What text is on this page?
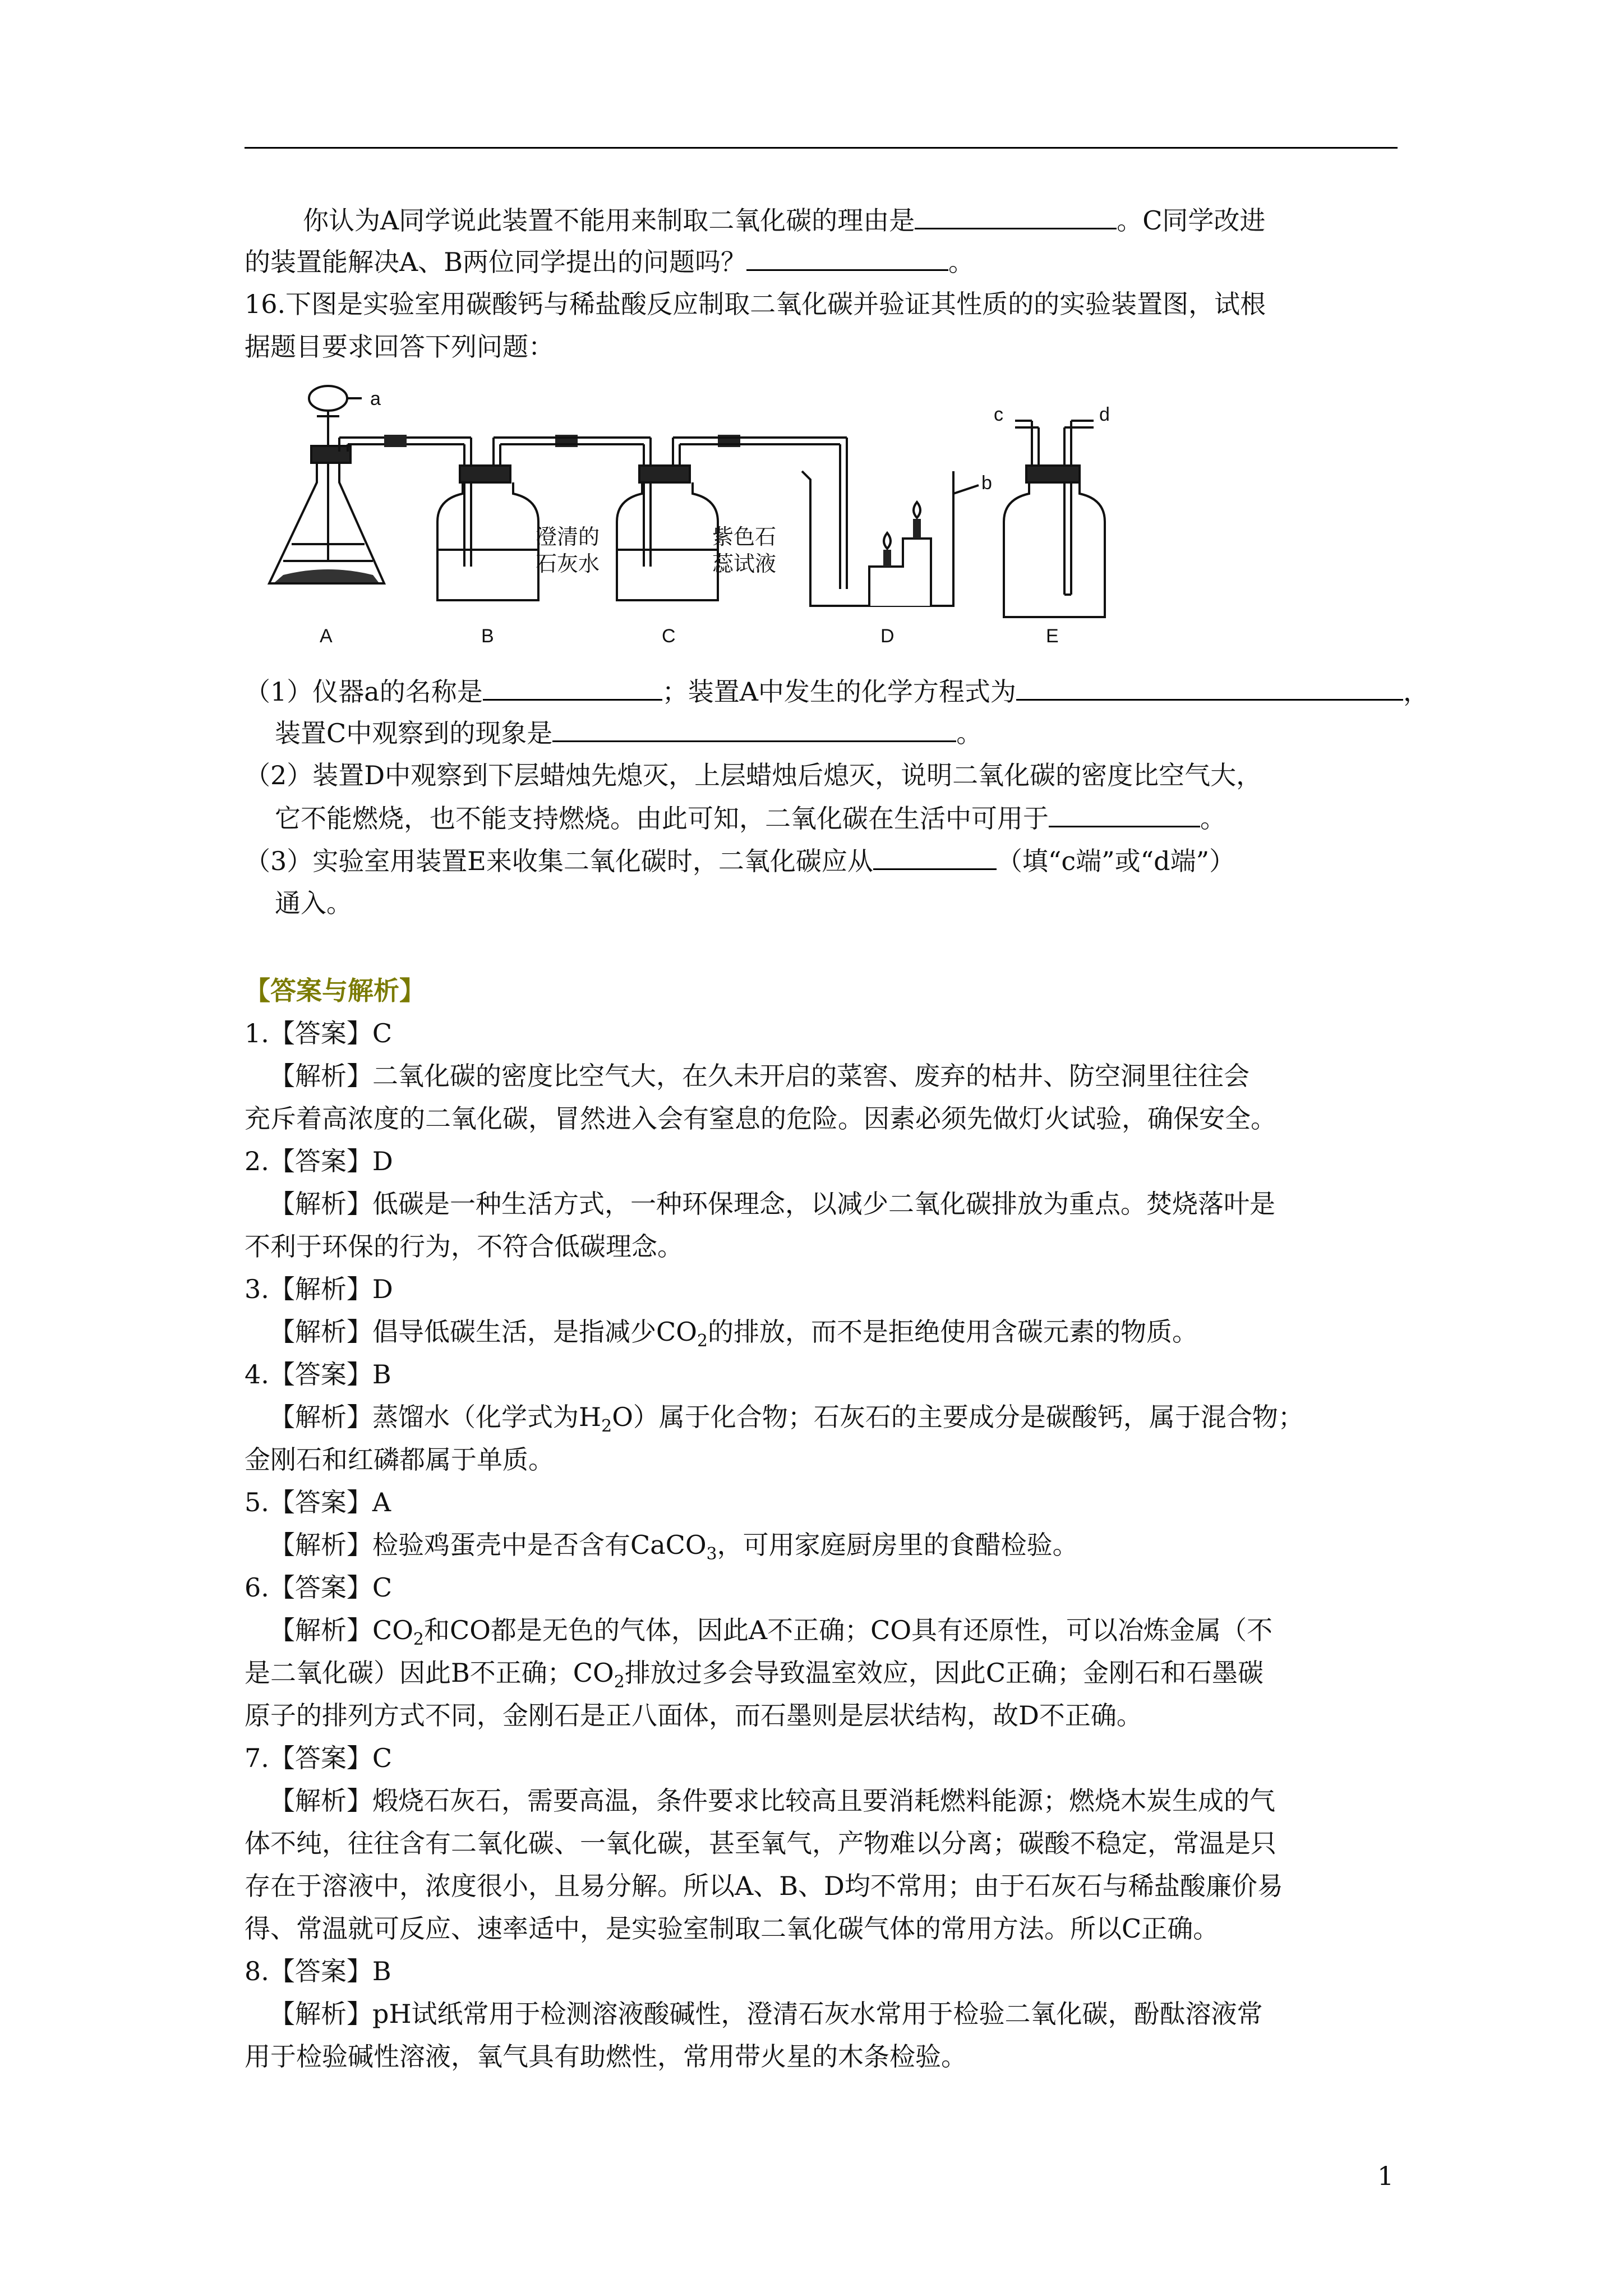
你认为A同学说此装置不能用来制取二氧化碳的理由是	。C同学改进
的装置能解决A、B两位同学提出的问题吗？	。
16.下图是实验室用碳酸钙与稀盐酸反应制取二氧化碳并验证其性质的的实验装置图，试根
据题目要求回答下列问题：
a
澄清的
石灰水
紫色石
蕊试液
b
c	d
A	B	C	D	E
（1）仪器a的名称是	；装置A中发生的化学方程式为	，
装置C中观察到的现象是	。
（2）装置D中观察到下层蜡烛先熄灭，上层蜡烛后熄灭，说明二氧化碳的密度比空气大，
它不能燃烧，也不能支持燃烧。由此可知，二氧化碳在生活中可用于	。
（3）实验室用装置E来收集二氧化碳时，二氧化碳应从	（填“c端”或“d端”）
通入。
【答案与解析】
1.【答案】C
【解析】二氧化碳的密度比空气大，在久未开启的菜窖、废弃的枯井、防空洞里往往会
充斥着高浓度的二氧化碳，冒然进入会有窒息的危险。因素必须先做灯火试验，确保安全。
2.【答案】D
【解析】低碳是一种生活方式，一种环保理念，以减少二氧化碳排放为重点。焚烧落叶是
不利于环保的行为，不符合低碳理念。
3.【解析】D
【解析】倡导低碳生活，是指减少$CO_2$的排放，而不是拒绝使用含碳元素的物质。
4.【答案】B
【解析】蒸馏水（化学式为$H_2O$）属于化合物；石灰石的主要成分是碳酸钙，属于混合物；
金刚石和红磷都属于单质。
5.【答案】A
【解析】检验鸡蛋壳中是否含有CaCO$_3$，可用家庭厨房里的食醋检验。
6.【答案】C
【解析】$CO_2$和CO都是无色的气体，因此A不正确；CO具有还原性，可以冶炼金属（不
是二氧化碳）因此B不正确；$CO_2$排放过多会导致温室效应，因此C正确；金刚石和石墨碳
原子的排列方式不同，金刚石是正八面体，而石墨则是层状结构，故D不正确。
7.【答案】C
【解析】煅烧石灰石，需要高温，条件要求比较高且要消耗燃料能源；燃烧木炭生成的气
体不纯，往往含有二氧化碳、一氧化碳，甚至氧气，产物难以分离；碳酸不稳定，常温是只
存在于溶液中，浓度很小，且易分解。所以A、B、D均不常用；由于石灰石与稀盐酸廉价易
得、常温就可反应、速率适中，是实验室制取二氧化碳气体的常用方法。所以C正确。
8.【答案】B
【解析】pH试纸常用于检测溶液酸碱性，澄清石灰水常用于检验二氧化碳，酚酞溶液常
用于检验碱性溶液，氧气具有助燃性，常用带火星的木条检验。
1
